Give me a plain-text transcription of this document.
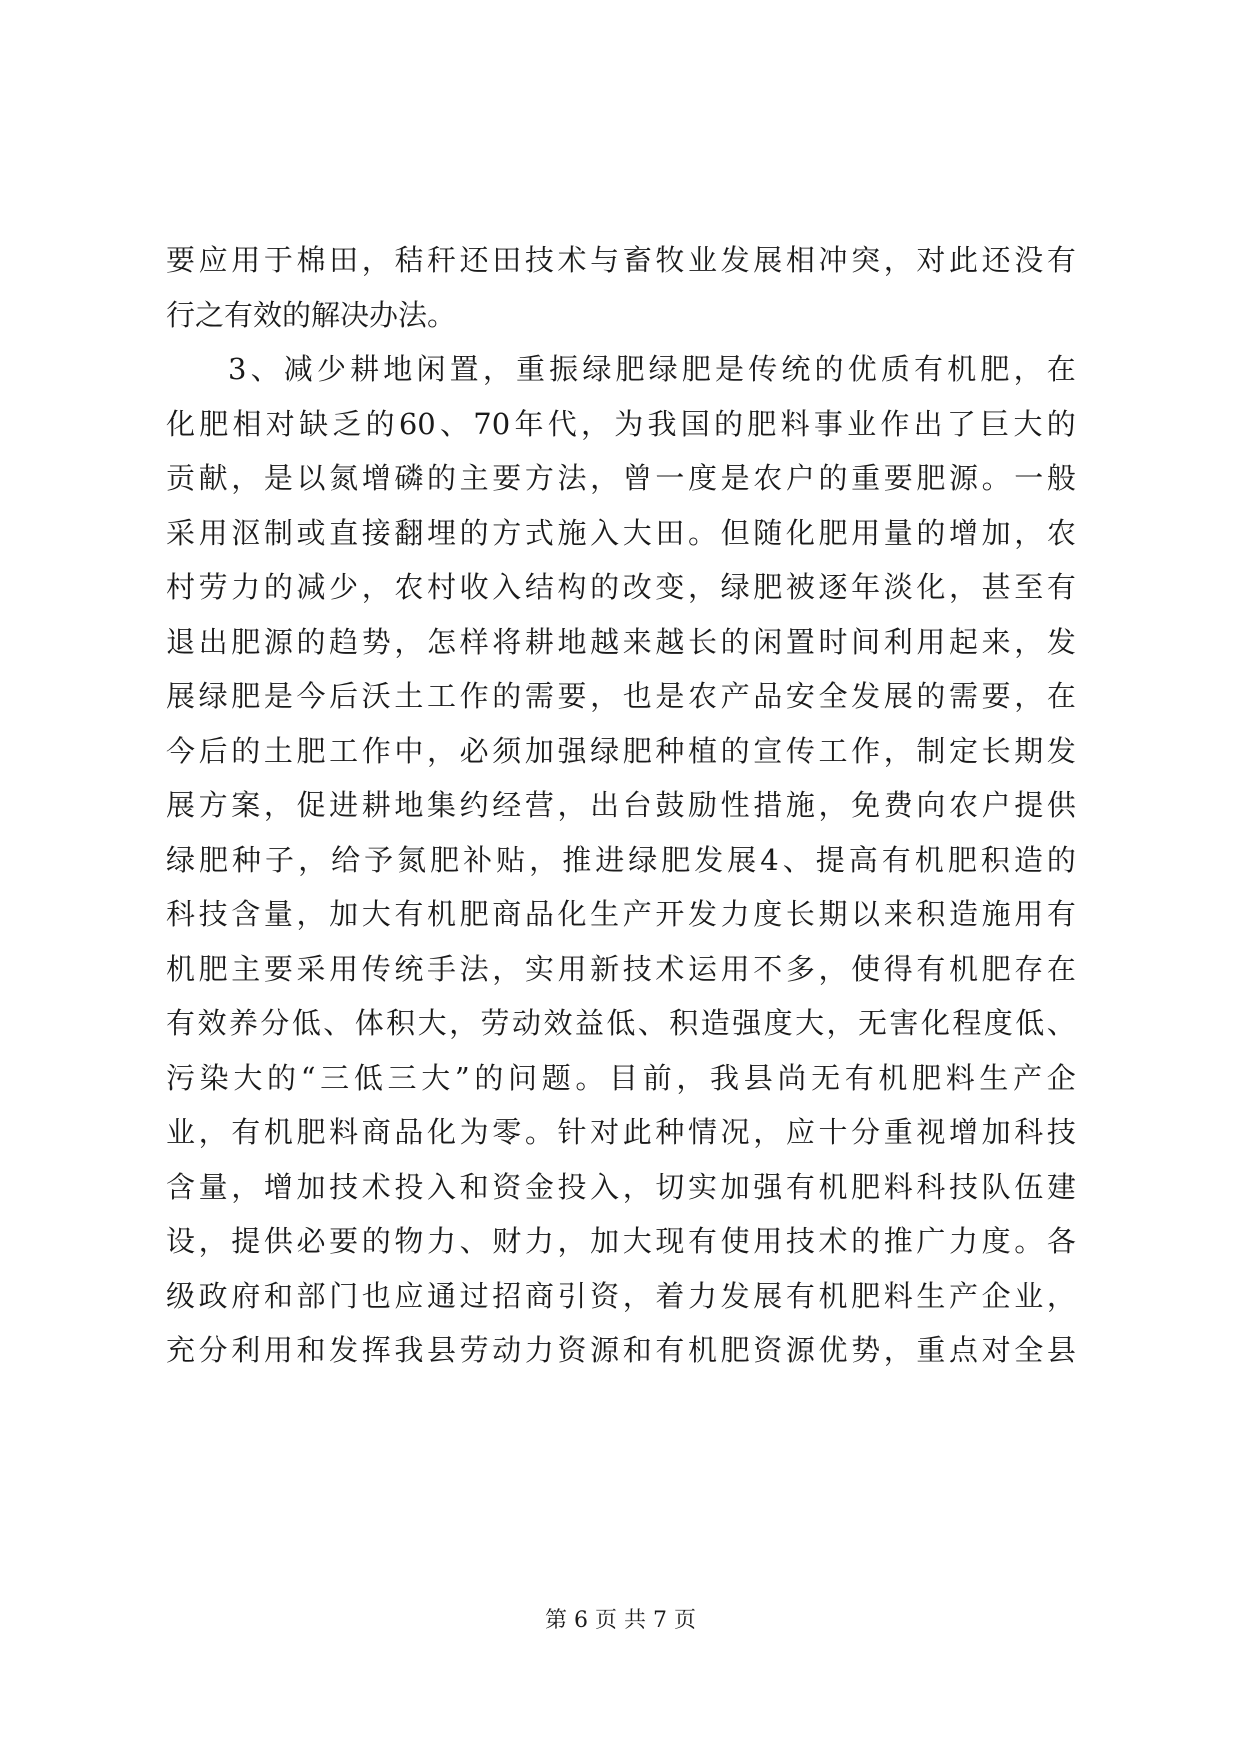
要 应 用 于 棉 田 ， 秸 秆 还 田 技 术 与 畜 牧 业 发 展 相 冲 突 ， 对 此 还 没 有
行之有效的解决办法。
3 、 减 少 耕 地 闲 置 ， 重 振 绿 肥 绿 肥 是 传 统 的 优 质 有 机 肥 ， 在
化 肥 相 对 缺 乏 的 60 、 70 年 代 ， 为 我 国 的 肥 料 事 业 作 出 了 巨 大 的
贡 献 ， 是 以 氮 增 磷 的 主 要 方 法 ， 曾 一 度 是 农 户 的 重 要 肥 源 。 一 般
采 用 沤 制 或 直 接 翻 埋 的 方 式 施 入 大 田 。 但 随 化 肥 用 量 的 增 加 ， 农
村 劳 力 的 减 少 ， 农 村 收 入 结 构 的 改 变 ， 绿 肥 被 逐 年 淡 化 ， 甚 至 有
退 出 肥 源 的 趋 势 ， 怎 样 将 耕 地 越 来 越 长 的 闲 置 时 间 利 用 起 来 ， 发
展 绿 肥 是 今 后 沃 土 工 作 的 需 要 ， 也 是 农 产 品 安 全 发 展 的 需 要 ， 在
今 后 的 土 肥 工 作 中 ， 必 须 加 强 绿 肥 种 植 的 宣 传 工 作 ， 制 定 长 期 发
展 方 案 ， 促 进 耕 地 集 约 经 营 ， 出 台 鼓 励 性 措 施 ， 免 费 向 农 户 提 供
绿 肥 种 子 ， 给 予 氮 肥 补 贴 ， 推 进 绿 肥 发 展 4 、 提 高 有 机 肥 积 造 的
科 技 含 量 ， 加 大 有 机 肥 商 品 化 生 产 开 发 力 度 长 期 以 来 积 造 施 用 有
机 肥 主 要 采 用 传 统 手 法 ， 实 用 新 技 术 运 用 不 多 ， 使 得 有 机 肥 存 在
有 效 养 分 低 、 体 积 大 ， 劳 动 效 益 低 、 积 造 强 度 大 ， 无 害 化 程 度 低 、
污 染 大 的 “ 三 低 三 大 ” 的 问 题 。 目 前 ， 我 县 尚 无 有 机 肥 料 生 产 企
业 ， 有 机 肥 料 商 品 化 为 零 。 针 对 此 种 情 况 ， 应 十 分 重 视 增 加 科 技
含 量 ， 增 加 技 术 投 入 和 资 金 投 入 ， 切 实 加 强 有 机 肥 料 科 技 队 伍 建
设 ， 提 供 必 要 的 物 力 、 财 力 ， 加 大 现 有 使 用 技 术 的 推 广 力 度 。 各
级 政 府 和 部 门 也 应 通 过 招 商 引 资 ， 着 力 发 展 有 机 肥 料 生 产 企 业 ，
充 分 利 用 和 发 挥 我 县 劳 动 力 资 源 和 有 机 肥 资 源 优 势 ， 重 点 对 全 县
第 6 页 共 7 页
